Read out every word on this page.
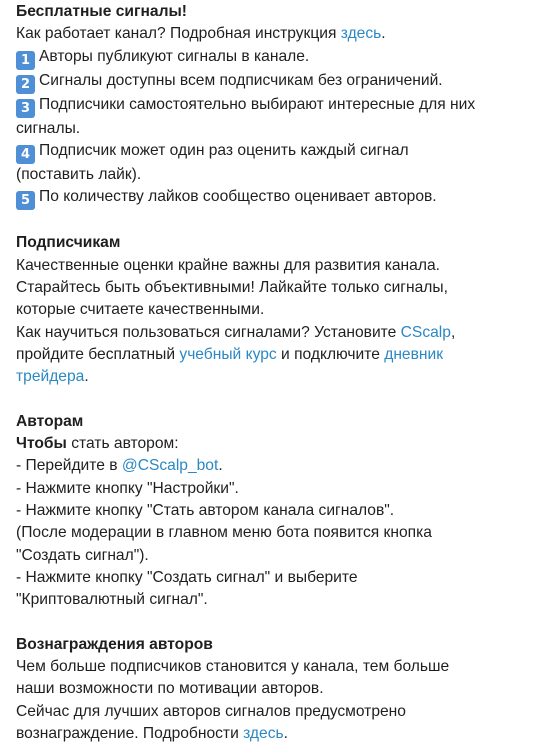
Бесплатные сигналы!
Как работает канал? Подробная инструкция здесь.
1 Авторы публикуют сигналы в канале.
2 Сигналы доступны всем подписчикам без ограничений.
3 Подписчики самостоятельно выбирают интересные для них сигналы.
4 Подписчик может один раз оценить каждый сигнал (поставить лайк).
5 По количеству лайков сообщество оценивает авторов.
Подписчикам
Качественные оценки крайне важны для развития канала. Старайтесь быть объективными! Лайкайте только сигналы, которые считаете качественными.
Как научиться пользоваться сигналами? Установите CScalp, пройдите бесплатный учебный курс и подключите дневник трейдера.
Авторам
Чтобы стать автором:
- Перейдите в @CScalp_bot.
- Нажмите кнопку "Настройки".
- Нажмите кнопку "Стать автором канала сигналов".
(После модерации в главном меню бота появится кнопка
"Создать сигнал").
- Нажмите кнопку "Создать сигнал" и выберите
"Криптовалютный сигнал".
Вознаграждения авторов
Чем больше подписчиков становится у канала, тем больше
наши возможности по мотивации авторов.
Сейчас для лучших авторов сигналов предусмотрено
вознаграждение. Подробности здесь.
